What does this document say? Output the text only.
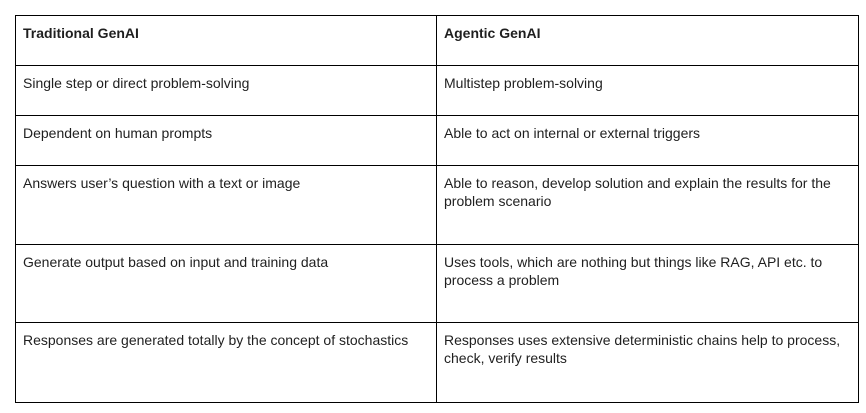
Traditional GenAI	Agentic GenAI
Single step or direct problem-solving	Multistep problem-solving
Dependent on human prompts	Able to act on internal or external triggers
Answers user’s question with a text or image	Able to reason, develop solution and explain the results for the problem scenario
Generate output based on input and training data	Uses tools, which are nothing but things like RAG, API etc. to process a problem
Responses are generated totally by the concept of stochastics	Responses uses extensive deterministic chains help to process, check, verify results
